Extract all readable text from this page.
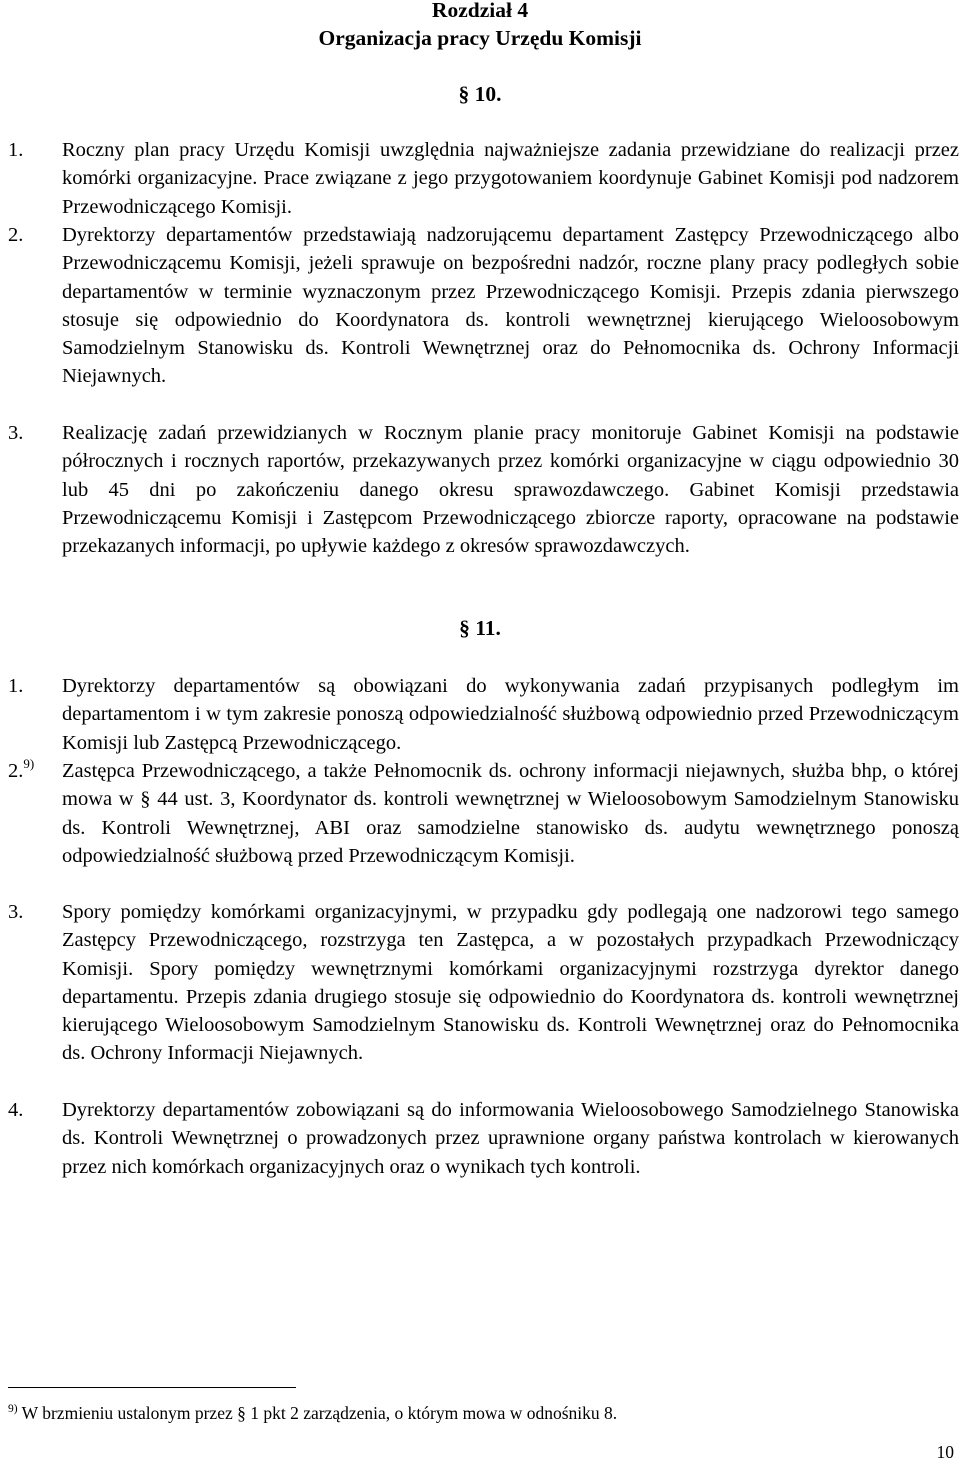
Rozdział 4
Organizacja pracy Urzędu Komisji
§ 10.
1.	Roczny plan pracy Urzędu Komisji uwzględnia najważniejsze zadania przewidziane do realizacji przez komórki organizacyjne. Prace związane z jego przygotowaniem koordynuje Gabinet Komisji pod nadzorem Przewodniczącego Komisji.
2.	Dyrektorzy departamentów przedstawiają nadzorującemu departament Zastępcy Przewodniczącego albo Przewodniczącemu Komisji, jeżeli sprawuje on bezpośredni nadzór, roczne plany pracy podległych sobie departamentów w terminie wyznaczonym przez Przewodniczącego Komisji. Przepis zdania pierwszego stosuje się odpowiednio do Koordynatora ds. kontroli wewnętrznej kierującego Wieloosobowym Samodzielnym Stanowisku ds. Kontroli Wewnętrznej oraz do Pełnomocnika ds. Ochrony Informacji Niejawnych.
3.	Realizację zadań przewidzianych w Rocznym planie pracy monitoruje Gabinet Komisji na podstawie półrocznych i rocznych raportów, przekazywanych przez komórki organizacyjne w ciągu odpowiednio 30 lub 45 dni po zakończeniu danego okresu sprawozdawczego. Gabinet Komisji przedstawia Przewodniczącemu Komisji i Zastępcom Przewodniczącego zbiorcze raporty, opracowane na podstawie przekazanych informacji, po upływie każdego z okresów sprawozdawczych.
§ 11.
1.	Dyrektorzy departamentów są obowiązani do wykonywania zadań przypisanych podległym im departamentom i w tym zakresie ponoszą odpowiedzialność służbową odpowiednio przed Przewodniczącym Komisji lub Zastępcą Przewodniczącego.
2.$^{9)}$	Zastępca Przewodniczącego, a także Pełnomocnik ds. ochrony informacji niejawnych, służba bhp, o której mowa w § 44 ust. 3, Koordynator ds. kontroli wewnętrznej w Wieloosobowym Samodzielnym Stanowisku ds. Kontroli Wewnętrznej, ABI oraz samodzielne stanowisko ds. audytu wewnętrznego ponoszą odpowiedzialność służbową przed Przewodniczącym Komisji.
3.	Spory pomiędzy komórkami organizacyjnymi, w przypadku gdy podlegają one nadzorowi tego samego Zastępcy Przewodniczącego, rozstrzyga ten Zastępca, a w pozostałych przypadkach Przewodniczący Komisji. Spory pomiędzy wewnętrznymi komórkami organizacyjnymi rozstrzyga dyrektor danego departamentu. Przepis zdania drugiego stosuje się odpowiednio do Koordynatora ds. kontroli wewnętrznej kierującego Wieloosobowym Samodzielnym Stanowisku ds. Kontroli Wewnętrznej oraz do Pełnomocnika ds. Ochrony Informacji Niejawnych.
4.	Dyrektorzy departamentów zobowiązani są do informowania Wieloosobowego Samodzielnego Stanowiska ds. Kontroli Wewnętrznej o prowadzonych przez uprawnione organy państwa kontrolach w kierowanych przez nich komórkach organizacyjnych oraz o wynikach tych kontroli.
$^{9)}$ W brzmieniu ustalonym przez § 1 pkt 2 zarządzenia, o którym mowa w odnośniku 8.
10
